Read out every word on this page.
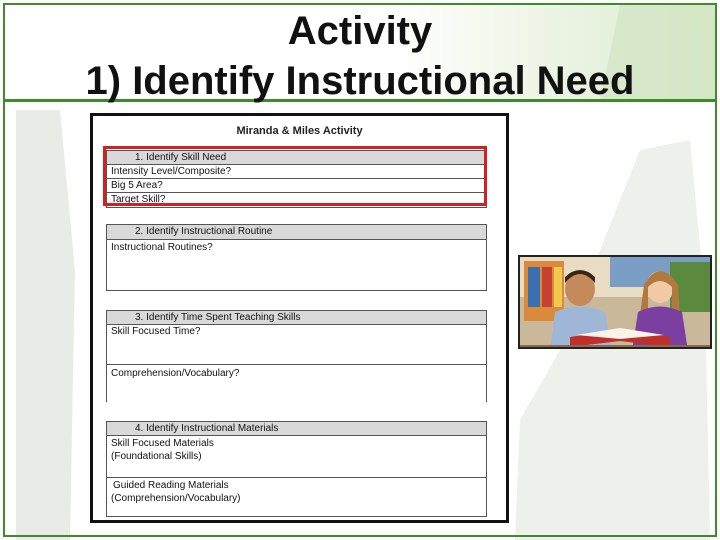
Activity
1) Identify Instructional Need
Miranda & Miles Activity
1. Identify Skill Need
Intensity Level/Composite?
Big 5 Area?
Target Skill?
2. Identify Instructional Routine
Instructional Routines?
3. Identify Time Spent Teaching Skills
Skill Focused Time?
Comprehension/Vocabulary?
4. Identify Instructional Materials
Skill Focused Materials
(Foundational Skills)
Guided Reading Materials
(Comprehension/Vocabulary)
